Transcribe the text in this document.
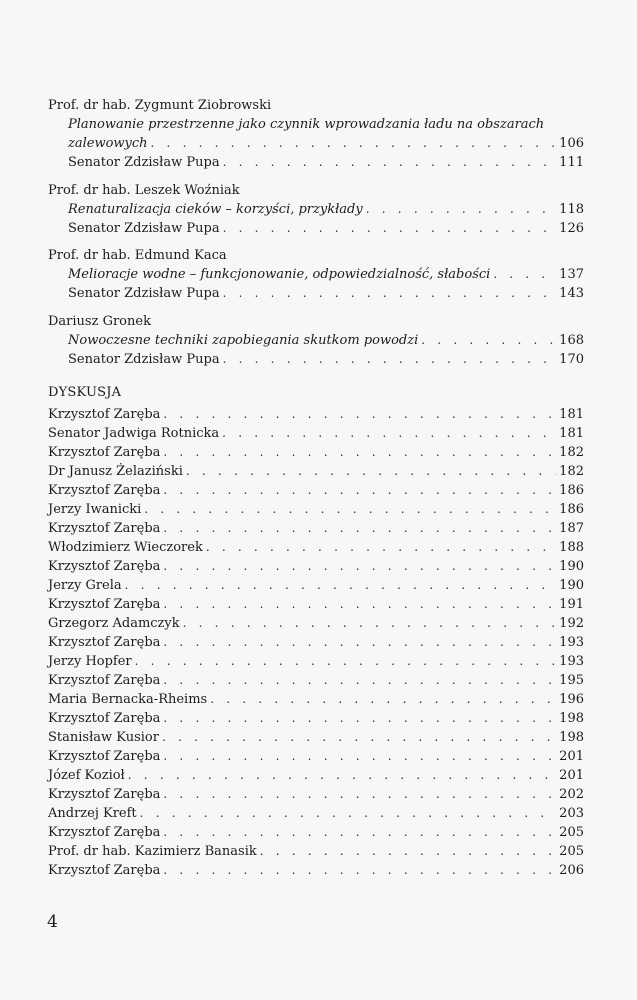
Prof. dr hab. Zygmunt Ziobrowski
Planowanie przestrzenne jako czynnik wprowadzania ładu na obszarach
zalewowych . . .	106
Senator Zdzisław Pupa . . .	111
Prof. dr hab. Leszek Woźniak
Renaturalizacja cieków – korzyści, przykłady . . .	118
Senator Zdzisław Pupa . . .	126
Prof. dr hab. Edmund Kaca
Melioracje wodne – funkcjonowanie, odpowiedzialność, słabości . . .	137
Senator Zdzisław Pupa . . .	143
Dariusz Gronek
Nowoczesne techniki zapobiegania skutkom powodzi . . .	168
Senator Zdzisław Pupa . . .	170
DYSKUSJA
Krzysztof Zaręba . . .	181
Senator Jadwiga Rotnicka . . .	181
Krzysztof Zaręba . . .	182
Dr Janusz Żelaziński . . .	182
Krzysztof Zaręba . . .	186
Jerzy Iwanicki . . .	186
Krzysztof Zaręba . . .	187
Włodzimierz Wieczorek . . .	188
Krzysztof Zaręba . . .	190
Jerzy Grela . . .	190
Krzysztof Zaręba . . .	191
Grzegorz Adamczyk . . .	192
Krzysztof Zaręba . . .	193
Jerzy Hopfer . . .	193
Krzysztof Zaręba . . .	195
Maria Bernacka-Rheims . . .	196
Krzysztof Zaręba . . .	198
Stanisław Kusior . . .	198
Krzysztof Zaręba . . .	201
Józef Kozioł . . .	201
Krzysztof Zaręba . . .	202
Andrzej Kreft . . .	203
Krzysztof Zaręba . . .	205
Prof. dr hab. Kazimierz Banasik . . .	205
Krzysztof Zaręba . . .	206
4
